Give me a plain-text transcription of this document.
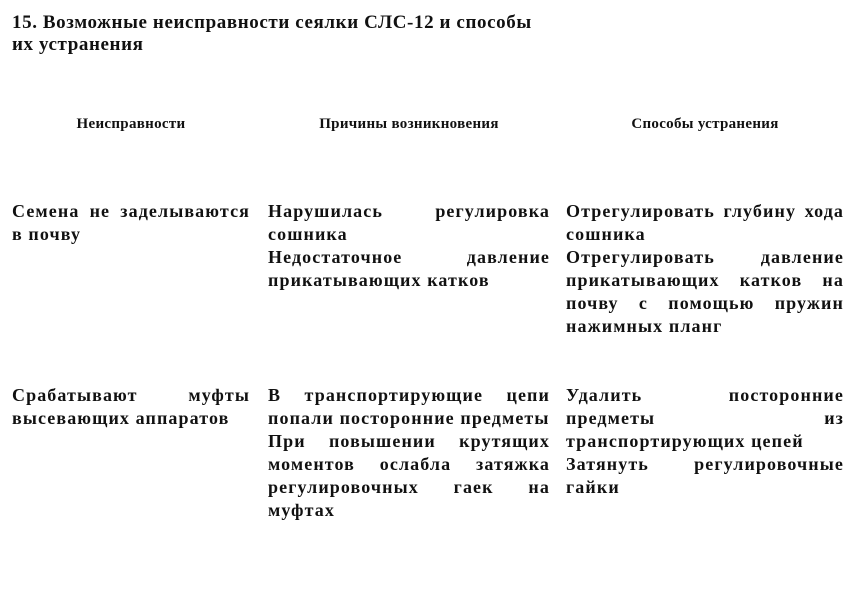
15. Возможные неисправности сеялки СЛС-12 и способы
их устранения
Неисправности	Причины возникновения	Способы устранения
Семена не заделываются в почву
Нарушилась регулировка сошника
Недостаточное давление прикатывающих катков
Отрегулировать глубину хода сошника
Отрегулировать давление прикатывающих катков на почву с помощью пружин нажимных планг
Срабатывают муфты высевающих аппаратов
В транспортирующие цепи попали посторонние предметы
При повышении крутящих моментов ослабла затяжка регулировочных гаек на муфтах
Удалить посторонние предметы из транспортирующих цепей
Затянуть регулировочные гайки
